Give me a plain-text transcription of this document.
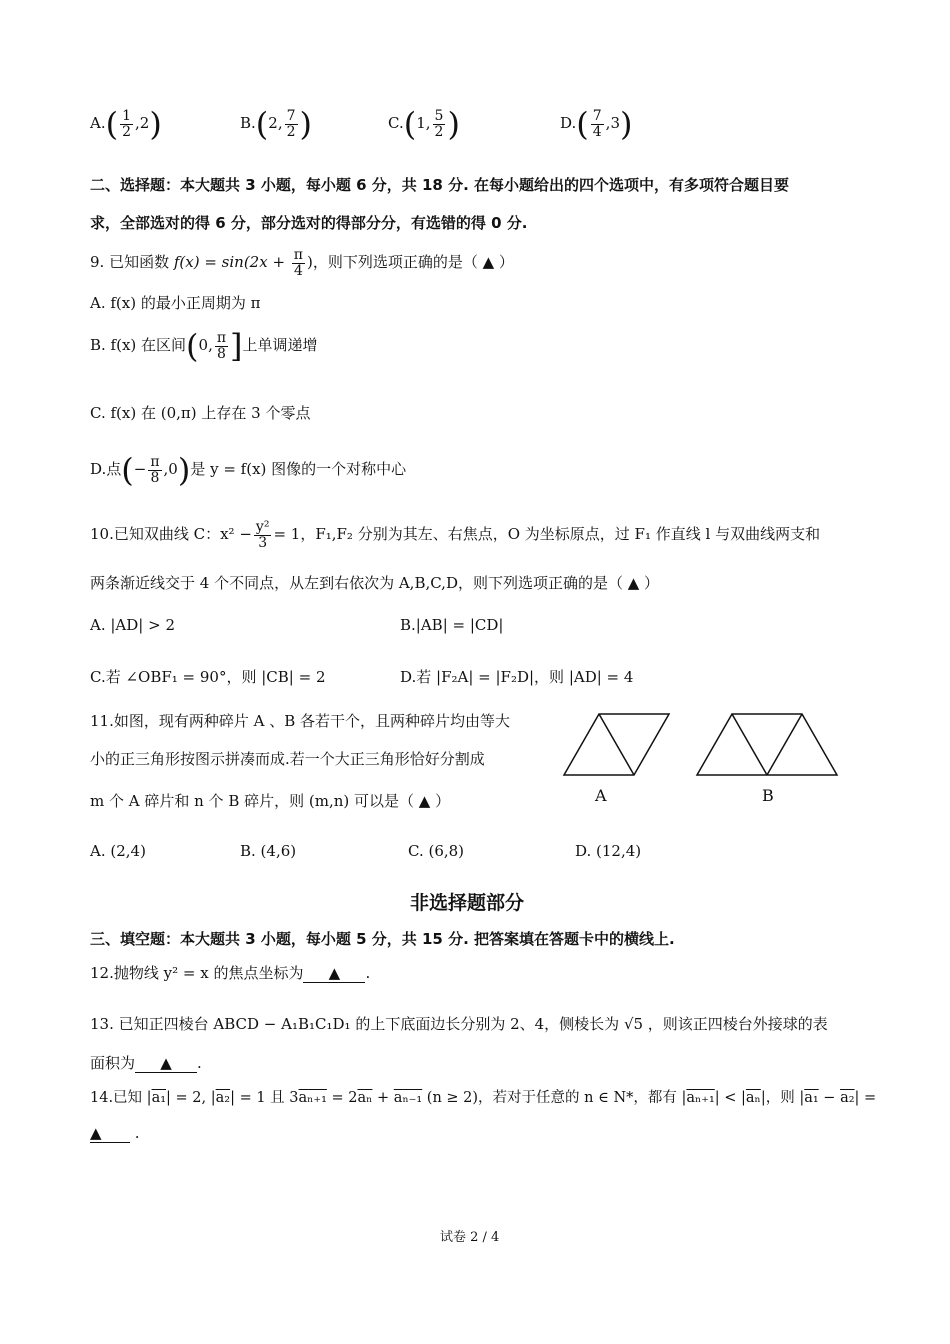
$A.( \frac{1}{2} ,2)$	B.(2, $\frac{7}{2}$ )	C.(1, $\frac{5}{2}$ )	$D.( \frac{7}{4} ,3)$
二、选择题：本大题共 3 小题，每小题 6 分，共 18 分. 在每小题给出的四个选项中，有多项符合题目要
求，全部选对的得 6 分，部分选对的得部分分，有选错的得 0 分.
9. 已知函数 $f(x) = \sin(2x + \frac{\pi}{4}$ )，则下列选项正确的是（ ▲ ）
A. f(x) 的最小正周期为 π
B. f(x) 在区间(0, $\frac{\pi}{8}$ ]上单调递增
C. f(x) 在 (0,π) 上存在 3 个零点
D.点(− $\frac{\pi}{8} ,0$)是 y = f(x) 图像的一个对称中心
10.已知双曲线 C：$x^2 - \frac{\text{y²}}{3} = 1$，F₁,F₂ 分别为其左、右焦点，O 为坐标原点，过 F₁ 作直线 l 与双曲线两支和
两条渐近线交于 4 个不同点，从左到右依次为 A,B,C,D，则下列选项正确的是（ ▲ ）
A. |AD| > 2	B.|AB| = |CD|
C.若 ∠OBF₁ = 90°，则 |CB| = 2	D.若 |F₂A| = |F₂D|，则 |AD| = 4
11.如图，现有两种碎片 A 、B 各若干个，且两种碎片均由等大
小的正三角形按图示拼凑而成.若一个大正三角形恰好分割成
m 个 A 碎片和 n 个 B 碎片，则 (m,n) 可以是（ ▲ ）	A	B
A. (2,4)	B. (4,6)	C. (6,8)	D. (12,4)
非选择题部分
三、填空题：本大题共 3 小题，每小题 5 分，共 15 分. 把答案填在答题卡中的横线上.
12.抛物线 y² = x 的焦点坐标为 ▲ .
13. 已知正四棱台 ABCD − A₁B₁C₁D₁ 的上下底面边长分别为 2、4，侧棱长为 √5 ，则该正四棱台外接球的表
面积为 ▲ .
14.已知 |a₁| = 2, |a₂| = 1 且 $3a_{n+1} = 2\overline{a_n} + a_{n-1}$ (n ≥ 2)，若对于任意的 n ∈ N*，都有 $|a_{n+1}| < |\overline{a_n}|$，则 |a₁ − a₂| =
▲ .
试卷 2 / 4
